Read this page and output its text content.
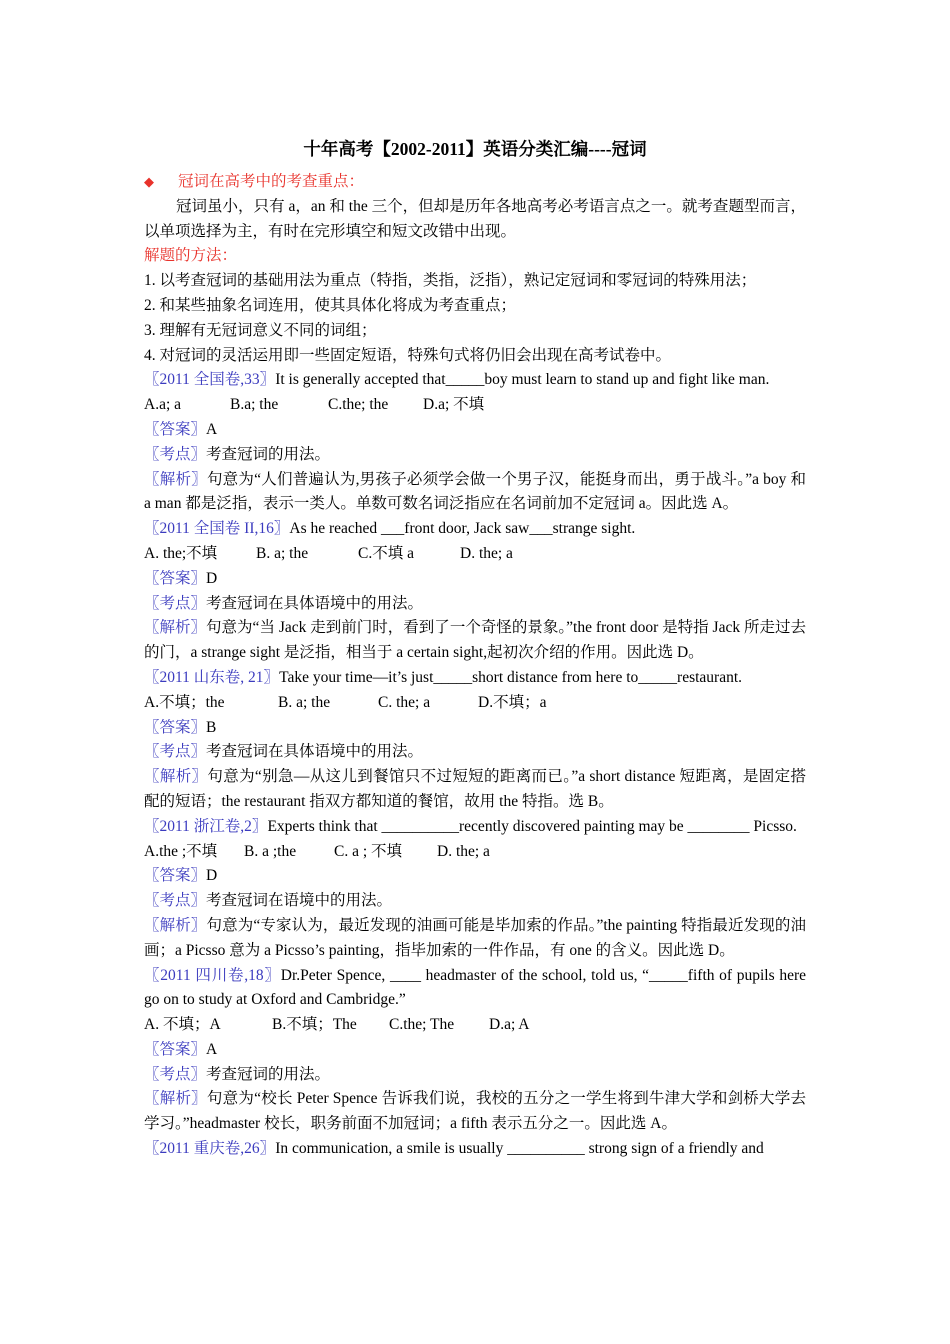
十年高考【2002-2011】英语分类汇编----冠词

◆ 冠词在高考中的考查重点：

冠词虽小，只有 a，an 和 the 三个，但却是历年各地高考必考语言点之一。就考查题型而言，以单项选择为主，有时在完形填空和短文改错中出现。

解题的方法：

1. 以考查冠词的基础用法为重点（特指，类指，泛指），熟记定冠词和零冠词的特殊用法；

2. 和某些抽象名词连用，使其具体化将成为考查重点；

3. 理解有无冠词意义不同的词组；

4. 对冠词的灵活运用即一些固定短语，特殊句式将仍旧会出现在高考试卷中。

〖2011 全国卷,33〗It is generally accepted that_____boy must learn to stand up and fight like man.

A.a; a	B.a; the	C.the; the D.a; 不填

〖答案〗A

〖考点〗考查冠词的用法。

〖解析〗句意为“人们普遍认为,男孩子必须学会做一个男子汉，能挺身而出，勇于战斗。”a boy 和 a man 都是泛指，表示一类人。单数可数名词泛指应在名词前加不定冠词 a。因此选 A。

〖2011 全国卷 II,16〗As he reached ___front door, Jack saw___strange sight.

A. the;不填	B. a; the	C.不填 a	D. the; a

〖答案〗D

〖考点〗考查冠词在具体语境中的用法。

〖解析〗句意为“当 Jack 走到前门时，看到了一个奇怪的景象。”the front door 是特指 Jack 所走过去的门，a strange sight 是泛指，相当于 a certain sight,起初次介绍的作用。因此选 D。

〖2011 山东卷, 21〗Take your time—it’s just_____short distance from here to_____restaurant.

A.不填；the	B. a; the	C. the; a	D.不填；a

〖答案〗B

〖考点〗考查冠词在具体语境中的用法。

〖解析〗句意为“别急—从这儿到餐馆只不过短短的距离而已。”a short distance 短距离，是固定搭配的短语；the restaurant 指双方都知道的餐馆，故用 the 特指。选 B。

〖2011 浙江卷,2〗Experts think that __________recently discovered painting may be ________ Picsso.

A.the ;不填 B. a ;the C. a ; 不填 D. the; a

〖答案〗D

〖考点〗考查冠词在语境中的用法。

〖解析〗句意为“专家认为，最近发现的油画可能是毕加索的作品。”the painting 特指最近发现的油画；a Picsso 意为 a Picsso’s painting，指毕加索的一件作品，有 one 的含义。因此选 D。

〖2011 四川卷,18〗Dr.Peter Spence, ____ headmaster of the school, told us, “_____fifth of pupils here go on to study at Oxford and Cambridge.”

A. 不填；A	B.不填；The C.the; The D.a; A

〖答案〗A

〖考点〗考查冠词的用法。

〖解析〗句意为“校长 Peter Spence 告诉我们说，我校的五分之一学生将到牛津大学和剑桥大学去学习。”headmaster 校长，职务前面不加冠词；a fifth 表示五分之一。因此选 A。

〖2011 重庆卷,26〗In communication, a smile is usually __________ strong sign of a friendly and
